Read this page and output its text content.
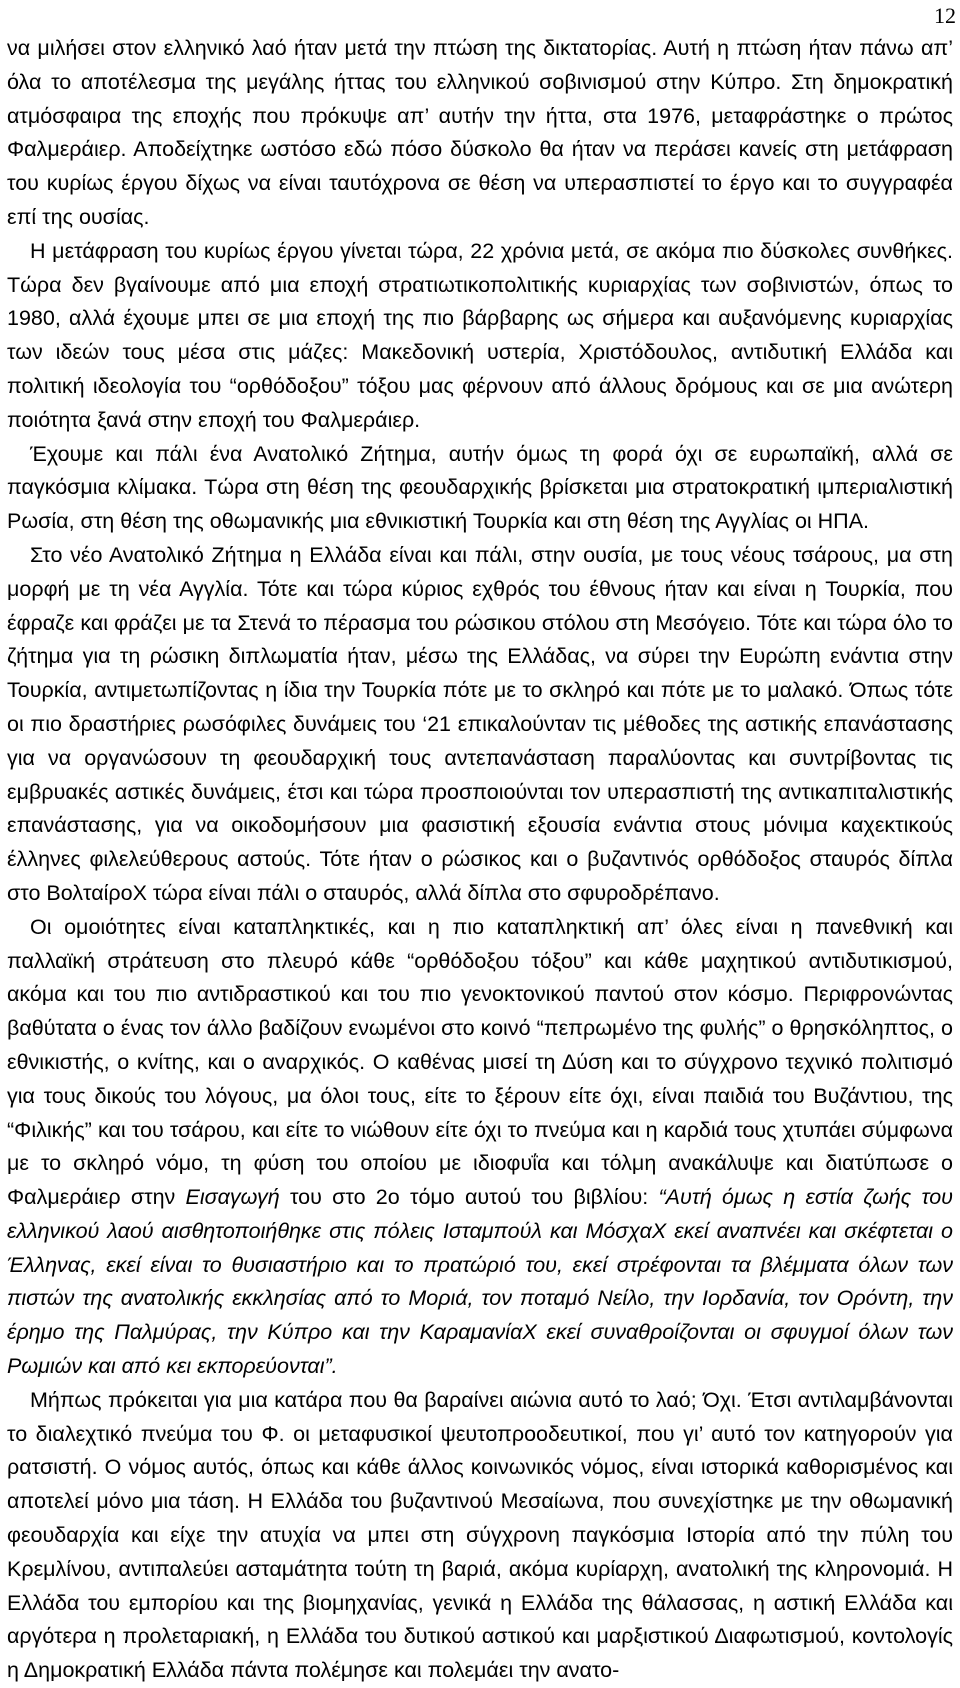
12

να μιλήσει στον ελληνικό λαό ήταν μετά την πτώση της δικτατορίας. Αυτή η πτώση ήταν πάνω απ’ όλα το αποτέλεσμα της μεγάλης ήττας του ελληνικού σοβινισμού στην Κύπρο. Στη δημοκρατική ατμόσφαιρα της εποχής που πρόκυψε απ’ αυτήν την ήττα, στα 1976, μεταφράστηκε ο πρώτος Φαλμεράιερ. Αποδείχτηκε ωστόσο εδώ πόσο δύσκολο θα ήταν να περάσει κανείς στη μετάφραση του κυρίως έργου δίχως να είναι ταυτόχρονα σε θέση να υπερασπιστεί το έργο και το συγγραφέα επί της ουσίας.

Η μετάφραση του κυρίως έργου γίνεται τώρα, 22 χρόνια μετά, σε ακόμα πιο δύσκολες συνθήκες. Τώρα δεν βγαίνουμε από μια εποχή στρατιωτικοπολιτικής κυριαρχίας των σοβινιστών, όπως το 1980, αλλά έχουμε μπει σε μια εποχή της πιο βάρβαρης ως σήμερα και αυξανόμενης κυριαρχίας των ιδεών τους μέσα στις μάζες: Μακεδονική υστερία, Χριστόδουλος, αντιδυτική Ελλάδα και πολιτική ιδεολογία του “ορθόδοξου” τόξου μας φέρνουν από άλλους δρόμους και σε μια ανώτερη ποιότητα ξανά στην εποχή του Φαλμεράιερ.

Έχουμε και πάλι ένα Ανατολικό Ζήτημα, αυτήν όμως τη φορά όχι σε ευρωπαϊκή, αλλά σε παγκόσμια κλίμακα. Τώρα στη θέση της φεουδαρχικής βρίσκεται μια στρατοκρατική ιμπεριαλιστική Ρωσία, στη θέση της οθωμανικής μια εθνικιστική Τουρκία και στη θέση της Αγγλίας οι ΗΠΑ.

Στο νέο Ανατολικό Ζήτημα η Ελλάδα είναι και πάλι, στην ουσία, με τους νέους τσάρους, μα στη μορφή με τη νέα Αγγλία. Τότε και τώρα κύριος εχθρός του έθνους ήταν και είναι η Τουρκία, που έφραζε και φράζει με τα Στενά το πέρασμα του ρώσικου στόλου στη Μεσόγειο. Τότε και τώρα όλο το ζήτημα για τη ρώσικη διπλωματία ήταν, μέσω της Ελλάδας, να σύρει την Ευρώπη ενάντια στην Τουρκία, αντιμετωπίζοντας η ίδια την Τουρκία πότε με το σκληρό και πότε με το μαλακό. Όπως τότε οι πιο δραστήριες ρωσόφιλες δυνάμεις του ‘21 επικαλούνταν τις μέθοδες της αστικής επανάστασης για να οργανώσουν τη φεουδαρχική τους αντεπανάσταση παραλύοντας και συντρίβοντας τις εμβρυακές αστικές δυνάμεις, έτσι και τώρα προσποιούνται τον υπερασπιστή της αντικαπιταλιστικής επανάστασης, για να οικοδομήσουν μια φασιστική εξουσία ενάντια στους μόνιμα καχεκτικούς έλληνες φιλελεύθερους αστούς. Τότε ήταν ο ρώσικος και ο βυζαντινός ορθόδοξος σταυρός δίπλα στο ΒολταίροΧ τώρα είναι πάλι ο σταυρός, αλλά δίπλα στο σφυροδρέπανο.

Οι ομοιότητες είναι καταπληκτικές, και η πιο καταπληκτική απ’ όλες είναι η πανεθνική και παλλαϊκή στράτευση στο πλευρό κάθε “ορθόδοξου τόξου” και κάθε μαχητικού αντιδυτικισμού, ακόμα και του πιο αντιδραστικού και του πιο γενοκτονικού παντού στον κόσμο. Περιφρονώντας βαθύτατα ο ένας τον άλλο βαδίζουν ενωμένοι στο κοινό “πεπρωμένο της φυλής” ο θρησκόληπτος, ο εθνικιστής, ο κνίτης, και ο αναρχικός. Ο καθένας μισεί τη Δύση και το σύγχρονο τεχνικό πολιτισμό για τους δικούς του λόγους, μα όλοι τους, είτε το ξέρουν είτε όχι, είναι παιδιά του Βυζάντιου, της “Φιλικής” και του τσάρου, και είτε το νιώθουν είτε όχι το πνεύμα και η καρδιά τους χτυπάει σύμφωνα με το σκληρό νόμο, τη φύση του οποίου με ιδιοφυΐα και τόλμη ανακάλυψε και διατύπωσε ο Φαλμεράιερ στην Εισαγωγή του στο 2ο τόμο αυτού του βιβλίου: “Αυτή όμως η εστία ζωής του ελληνικού λαού αισθητοποιήθηκε στις πόλεις Ισταμπούλ και ΜόσχαΧ εκεί αναπνέει και σκέφτεται ο Έλληνας, εκεί είναι το θυσιαστήριο και το πρατώριό του, εκεί στρέφονται τα βλέμματα όλων των πιστών της ανατολικής εκκλησίας από το Μοριά, τον ποταμό Νείλο, την Ιορδανία, τον Ορόντη, την έρημο της Παλμύρας, την Κύπρο και την ΚαραμανίαΧ εκεί συναθροίζονται οι σφυγμοί όλων των Ρωμιών και από κει εκπορεύονται”.

Μήπως πρόκειται για μια κατάρα που θα βαραίνει αιώνια αυτό το λαό; Όχι. Έτσι αντιλαμβάνονται το διαλεχτικό πνεύμα του Φ. οι μεταφυσικοί ψευτοπροοδευτικοί, που γι’ αυτό τον κατηγορούν για ρατσιστή. Ο νόμος αυτός, όπως και κάθε άλλος κοινωνικός νόμος, είναι ιστορικά καθορισμένος και αποτελεί μόνο μια τάση. Η Ελλάδα του βυζαντινού Μεσαίωνα, που συνεχίστηκε με την οθωμανική φεουδαρχία και είχε την ατυχία να μπει στη σύγχρονη παγκόσμια Ιστορία από την πύλη του Κρεμλίνου, αντιπαλεύει ασταμάτητα τούτη τη βαριά, ακόμα κυρίαρχη, ανατολική της κληρονομιά. Η Ελλάδα του εμπορίου και της βιομηχανίας, γενικά η Ελλάδα της θάλασσας, η αστική Ελλάδα και αργότερα η προλεταριακή, η Ελλάδα του δυτικού αστικού και μαρξιστικού Διαφωτισμού, κοντολογίς η Δημοκρατική Ελλάδα πάντα πολέμησε και πολεμάει την ανατο-
